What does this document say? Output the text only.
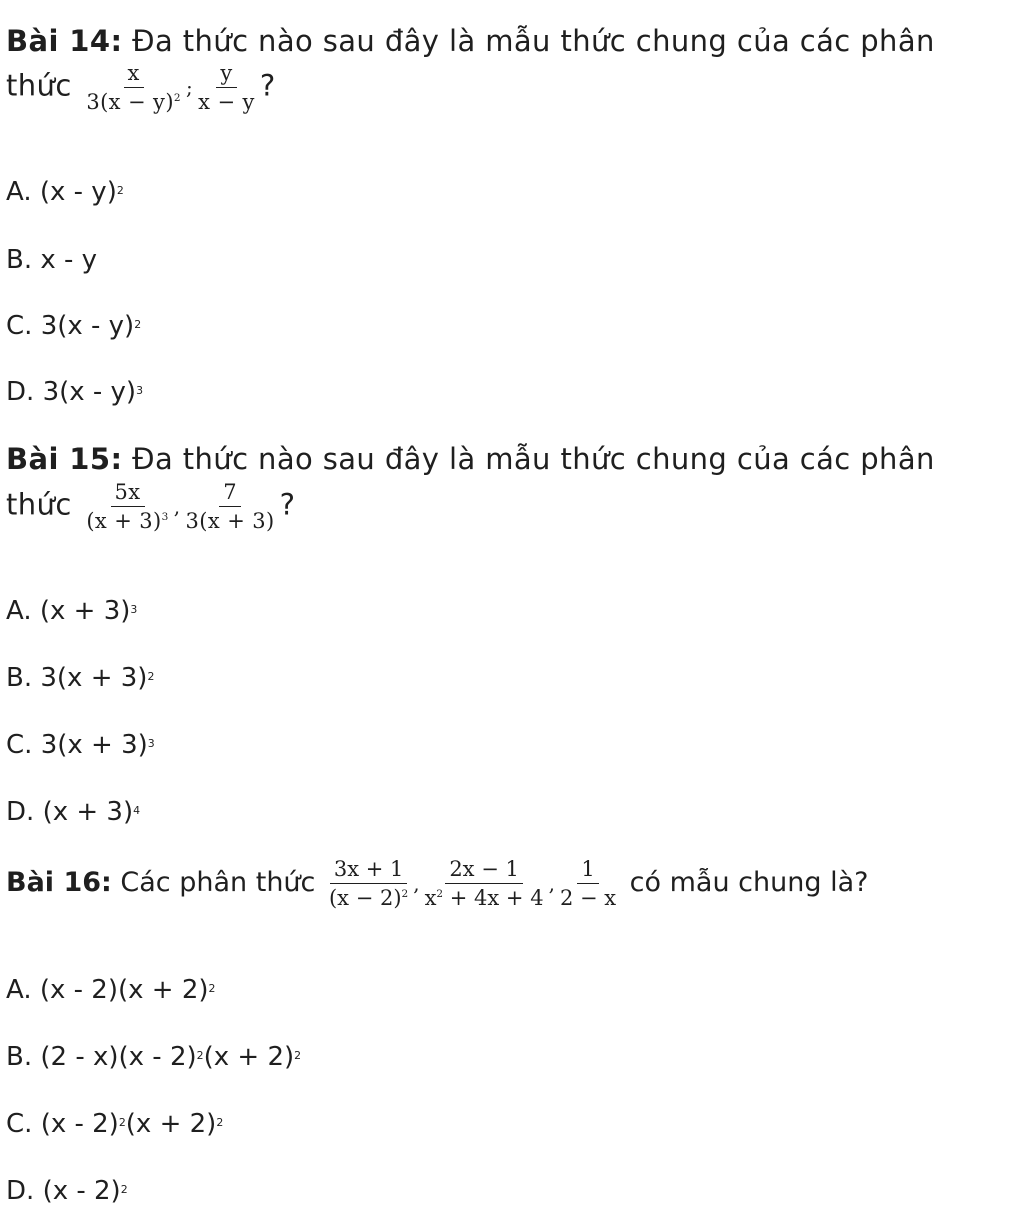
Bài 14: Đa thức nào sau đây là mẫu thức chung của các phân
thức $\frac{x}{3(x - y)^2}$ ; $\frac{y}{x - y}$ ?
A. (x - y)$^2$
B. x - y
C. 3(x - y)$^2$
D. 3(x - y)$^3$
Bài 15: Đa thức nào sau đây là mẫu thức chung của các phân
thức $\frac{5x}{(x + 3)^3}$ , $\frac{7}{3(x + 3)}$ ?
A. $(x + 3)^3$
B. $3(x + 3)^2$
C. $3(x + 3)^3$
D. $(x + 3)^4$
Bài 16: Các phân thức $\frac{3x + 1}{(x - 2)^2}$ , $\frac{2x - 1}{x^2 + 4x + 4}$ , $\frac{1}{2 - x}$ có mẫu chung là?
A. $(x - 2)(x + 2)^2$
B. $(2 - x)(x - 2)^2(x + 2)^2$
C. $(x - 2)^2(x + 2)^2$
D. (x - 2)$^2$
